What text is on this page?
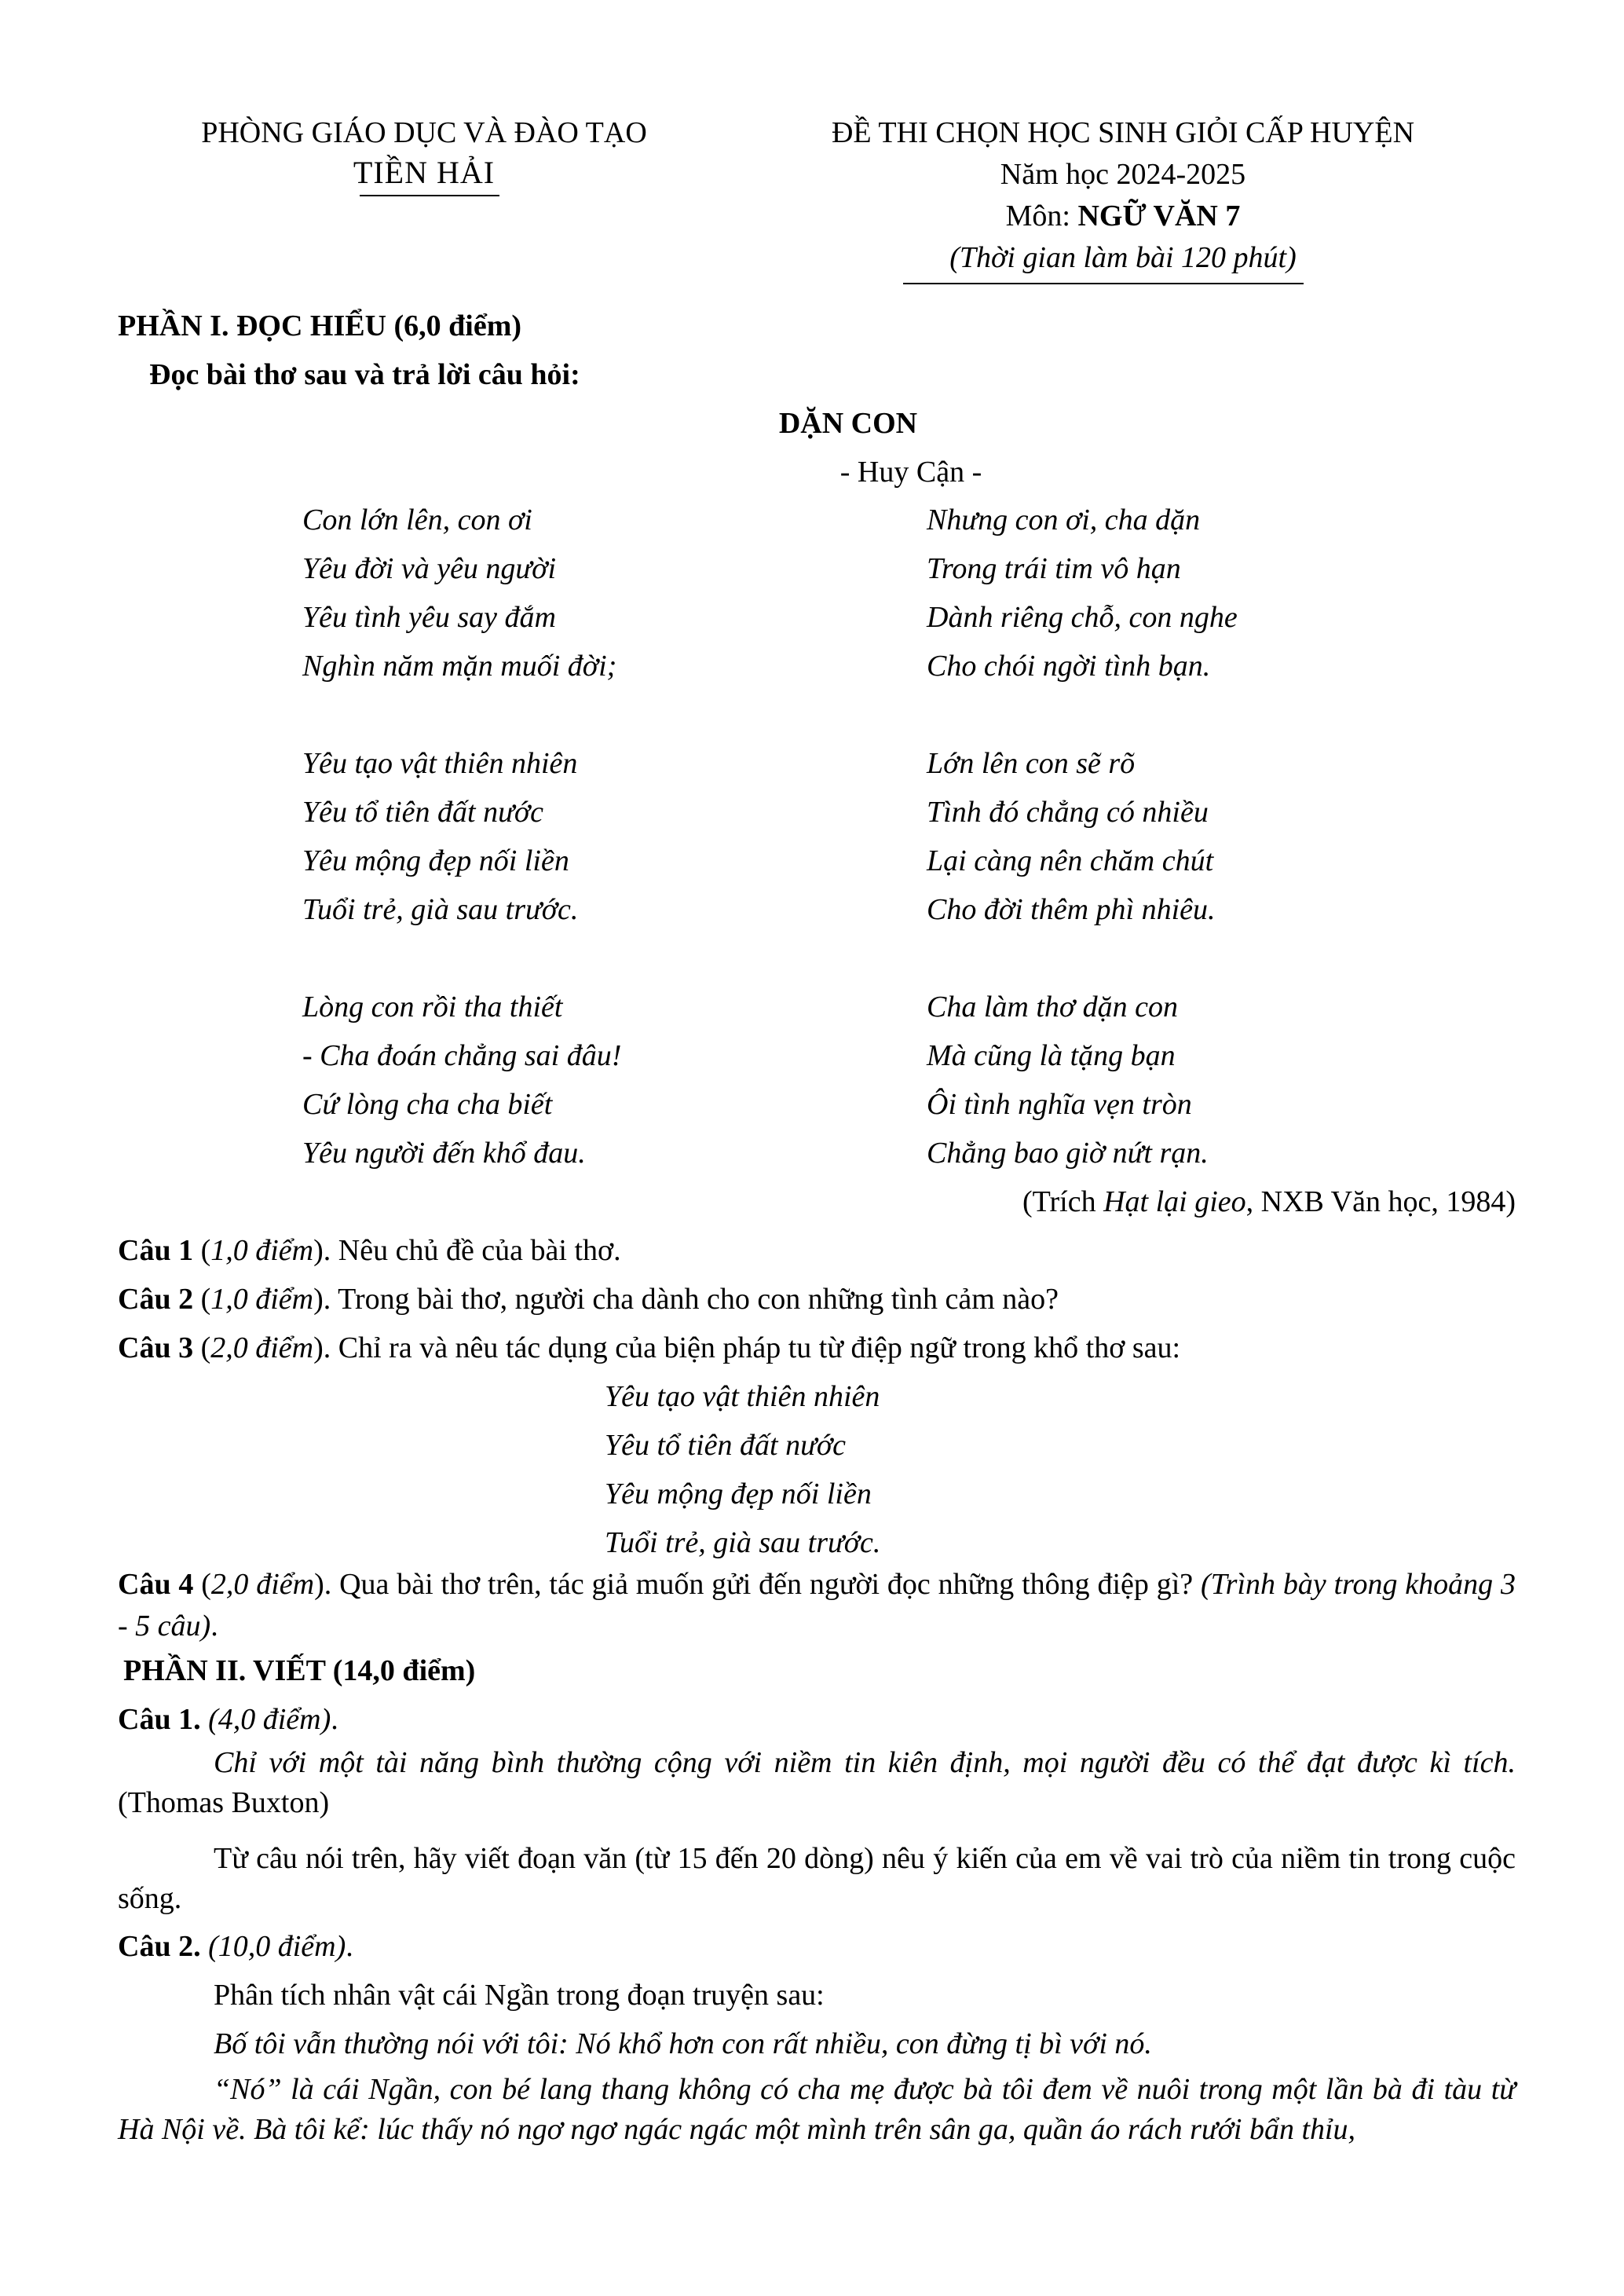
PHÒNG GIÁO DỤC VÀ ĐÀO TẠO
TIỀN HẢI
ĐỀ THI CHỌN HỌC SINH GIỎI CẤP HUYỆN
Năm học 2024-2025
Môn: NGỮ VĂN 7
(Thời gian làm bài 120 phút)
PHẦN I. ĐỌC HIỂU (6,0 điểm)
Đọc bài thơ sau và trả lời câu hỏi:
DẶN CON
- Huy Cận -
Con lớn lên, con ơi
Yêu đời và yêu người
Yêu tình yêu say đắm
Nghìn năm mặn muối đời;
Yêu tạo vật thiên nhiên
Yêu tổ tiên đất nước
Yêu mộng đẹp nối liền
Tuổi trẻ, già sau trước.
Lòng con rồi tha thiết
- Cha đoán chẳng sai đâu!
Cứ lòng cha cha biết
Yêu người đến khổ đau.
Nhưng con ơi, cha dặn
Trong trái tim vô hạn
Dành riêng chỗ, con nghe
Cho chói ngời tình bạn.
Lớn lên con sẽ rõ
Tình đó chẳng có nhiều
Lại càng nên chăm chút
Cho đời thêm phì nhiêu.
Cha làm thơ dặn con
Mà cũng là tặng bạn
Ôi tình nghĩa vẹn tròn
Chẳng bao giờ nứt rạn.
(Trích Hạt lại gieo, NXB Văn học, 1984)
Câu 1 (1,0 điểm). Nêu chủ đề của bài thơ.
Câu 2 (1,0 điểm). Trong bài thơ, người cha dành cho con những tình cảm nào?
Câu 3 (2,0 điểm). Chỉ ra và nêu tác dụng của biện pháp tu từ điệp ngữ trong khổ thơ sau:
Yêu tạo vật thiên nhiên
Yêu tổ tiên đất nước
Yêu mộng đẹp nối liền
Tuổi trẻ, già sau trước.
Câu 4 (2,0 điểm). Qua bài thơ trên, tác giả muốn gửi đến người đọc những thông điệp gì? (Trình bày trong khoảng 3 - 5 câu).
PHẦN II. VIẾT (14,0 điểm)
Câu 1. (4,0 điểm).
Chỉ với một tài năng bình thường cộng với niềm tin kiên định, mọi người đều có thể đạt được kì tích. (Thomas Buxton)
Từ câu nói trên, hãy viết đoạn văn (từ 15 đến 20 dòng) nêu ý kiến của em về vai trò của niềm tin trong cuộc sống.
Câu 2. (10,0 điểm).
Phân tích nhân vật cái Ngần trong đoạn truyện sau:
Bố tôi vẫn thường nói với tôi: Nó khổ hơn con rất nhiều, con đừng tị bì với nó.
“Nó” là cái Ngần, con bé lang thang không có cha mẹ được bà tôi đem về nuôi trong một lần bà đi tàu từ Hà Nội về. Bà tôi kể: lúc thấy nó ngơ ngơ ngác ngác một mình trên sân ga, quần áo rách rưới bẩn thỉu,
